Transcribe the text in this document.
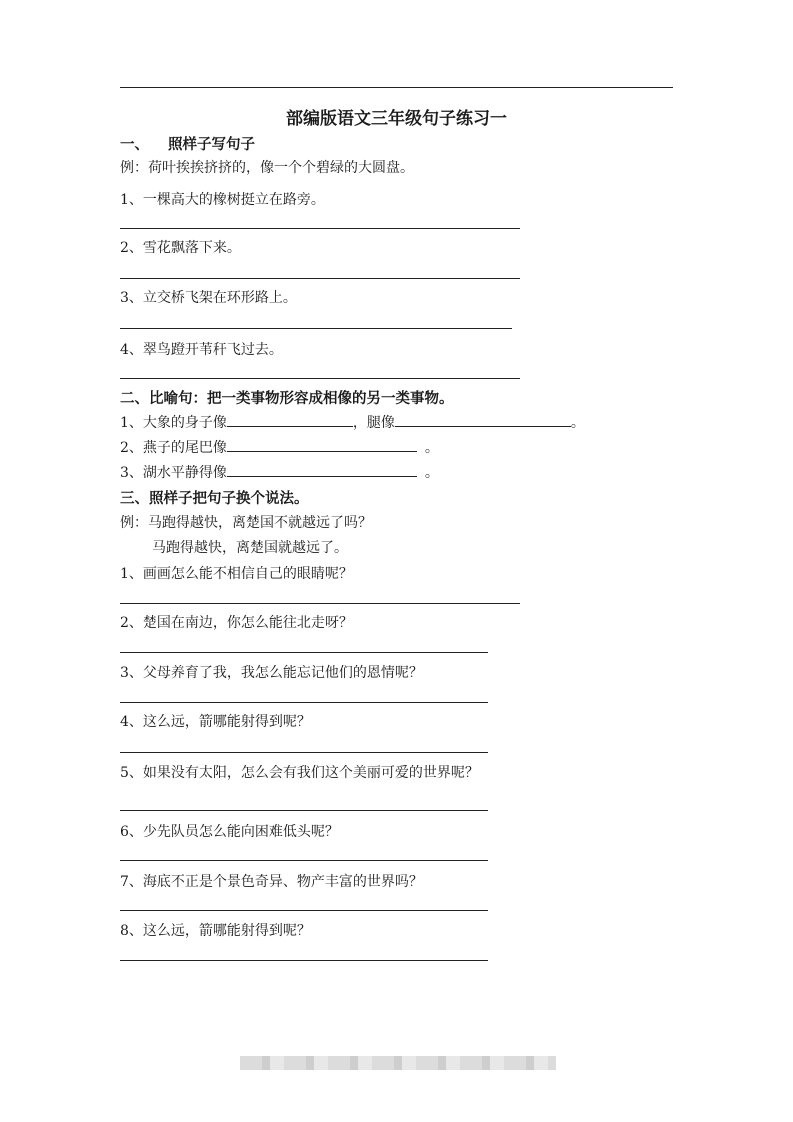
部编版语文三年级句子练习一
一、 照样子写句子
例：荷叶挨挨挤挤的，像一个个碧绿的大圆盘。
1、一棵高大的橡树挺立在路旁。
2、雪花飘落下来。
3、立交桥飞架在环形路上。
4、翠鸟蹬开苇秆飞过去。
二、比喻句：把一类事物形容成相像的另一类事物。
1、大象的身子像	，腿像	。
2、燕子的尾巴像	。
3、湖水平静得像	。
三、照样子把句子换个说法。
例：马跑得越快，离楚国不就越远了吗？
马跑得越快，离楚国就越远了。
1、画画怎么能不相信自己的眼睛呢？
2、楚国在南边，你怎么能往北走呀？
3、父母养育了我，我怎么能忘记他们的恩情呢？
4、这么远，箭哪能射得到呢？
5、如果没有太阳，怎么会有我们这个美丽可爱的世界呢？
6、少先队员怎么能向困难低头呢？
7、海底不正是个景色奇异、物产丰富的世界吗？
8、这么远，箭哪能射得到呢？
